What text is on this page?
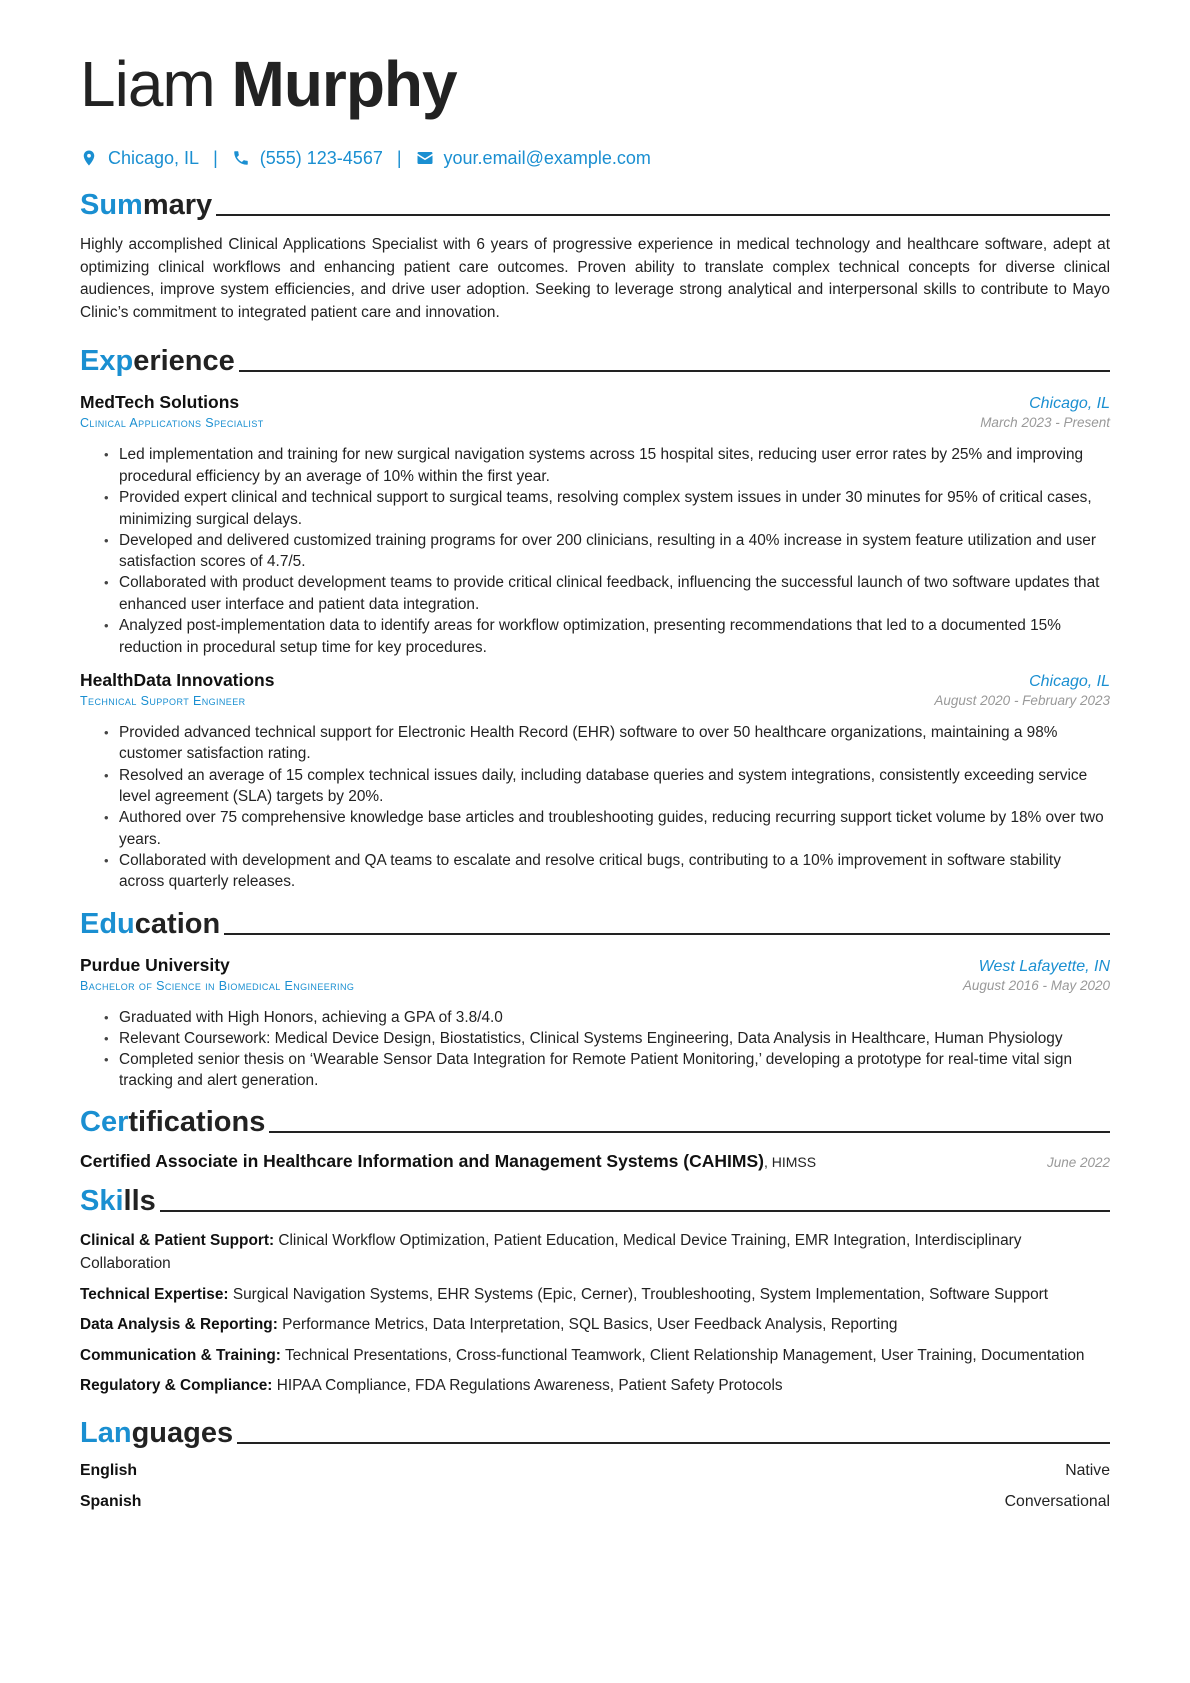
Liam Murphy
Chicago, IL | (555) 123-4567 | your.email@example.com
Summary
Highly accomplished Clinical Applications Specialist with 6 years of progressive experience in medical technology and healthcare software, adept at optimizing clinical workflows and enhancing patient care outcomes. Proven ability to translate complex technical concepts for diverse clinical audiences, improve system efficiencies, and drive user adoption. Seeking to leverage strong analytical and interpersonal skills to contribute to Mayo Clinic’s commitment to integrated patient care and innovation.
Experience
MedTech Solutions	Chicago, IL
Clinical Applications Specialist	March 2023 - Present
• Led implementation and training for new surgical navigation systems across 15 hospital sites, reducing user error rates by 25% and improving procedural efficiency by an average of 10% within the first year.
• Provided expert clinical and technical support to surgical teams, resolving complex system issues in under 30 minutes for 95% of critical cases, minimizing surgical delays.
• Developed and delivered customized training programs for over 200 clinicians, resulting in a 40% increase in system feature utilization and user satisfaction scores of 4.7/5.
• Collaborated with product development teams to provide critical clinical feedback, influencing the successful launch of two software updates that enhanced user interface and patient data integration.
• Analyzed post-implementation data to identify areas for workflow optimization, presenting recommendations that led to a documented 15% reduction in procedural setup time for key procedures.
HealthData Innovations	Chicago, IL
Technical Support Engineer	August 2020 - February 2023
• Provided advanced technical support for Electronic Health Record (EHR) software to over 50 healthcare organizations, maintaining a 98% customer satisfaction rating.
• Resolved an average of 15 complex technical issues daily, including database queries and system integrations, consistently exceeding service level agreement (SLA) targets by 20%.
• Authored over 75 comprehensive knowledge base articles and troubleshooting guides, reducing recurring support ticket volume by 18% over two years.
• Collaborated with development and QA teams to escalate and resolve critical bugs, contributing to a 10% improvement in software stability across quarterly releases.
Education
Purdue University	West Lafayette, IN
Bachelor of Science in Biomedical Engineering	August 2016 - May 2020
• Graduated with High Honors, achieving a GPA of 3.8/4.0
• Relevant Coursework: Medical Device Design, Biostatistics, Clinical Systems Engineering, Data Analysis in Healthcare, Human Physiology
• Completed senior thesis on ‘Wearable Sensor Data Integration for Remote Patient Monitoring,’ developing a prototype for real-time vital sign tracking and alert generation.
Certifications
Certified Associate in Healthcare Information and Management Systems (CAHIMS), HIMSS	June 2022
Skills
Clinical & Patient Support: Clinical Workflow Optimization, Patient Education, Medical Device Training, EMR Integration, Interdisciplinary Collaboration
Technical Expertise: Surgical Navigation Systems, EHR Systems (Epic, Cerner), Troubleshooting, System Implementation, Software Support
Data Analysis & Reporting: Performance Metrics, Data Interpretation, SQL Basics, User Feedback Analysis, Reporting
Communication & Training: Technical Presentations, Cross-functional Teamwork, Client Relationship Management, User Training, Documentation
Regulatory & Compliance: HIPAA Compliance, FDA Regulations Awareness, Patient Safety Protocols
Languages
English	Native
Spanish	Conversational
